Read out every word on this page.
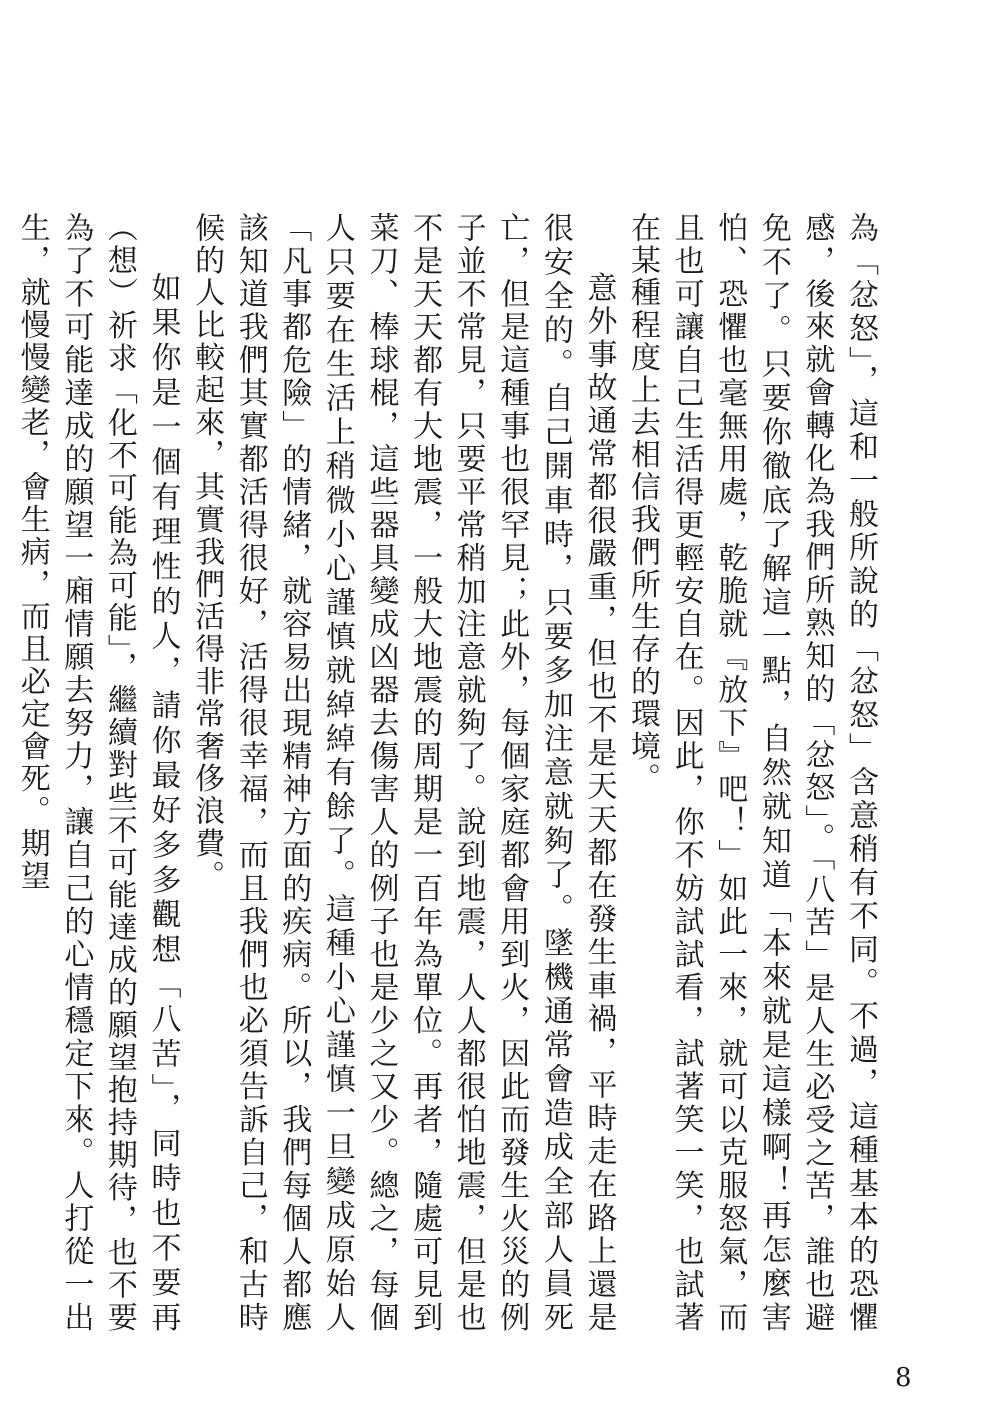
為「忿怒」，這和一般所說的「忿怒」含意稍有不同。不過，這種基本的恐懼感，後來就會轉化為我們所熟知的「忿怒」。「八苦」是人生必受之苦，誰也避免不了。只要你徹底了解這一點，自然就知道「本來就是這樣啊！再怎麼害怕、恐懼也毫無用處，乾脆就『放下』吧！」如此一來，就可以克服怒氣，而且也可讓自己生活得更輕安自在。因此，你不妨試試看，試著笑一笑，也試著在某種程度上去相信我們所生存的環境。

意外事故通常都很嚴重，但也不是天天都在發生車禍，平時走在路上還是很安全的。自己開車時，只要多加注意就夠了。墜機通常會造成全部人員死亡，但是這種事也很罕見；此外，每個家庭都會用到火，因此而發生火災的例子並不常見，只要平常稍加注意就夠了。說到地震，人人都很怕地震，但是也不是天天都有大地震，一般大地震的周期是一百年為單位。再者，隨處可見到菜刀、棒球棍，這些器具變成凶器去傷害人的例子也是少之又少。總之，每個人只要在生活上稍微小心謹慎就綽綽有餘了。這種小心謹慎一旦變成原始人「凡事都危險」的情緒，就容易出現精神方面的疾病。所以，我們每個人都應該知道我們其實都活得很好，活得很幸福，而且我們也必須告訴自己，和古時候的人比較起來，其實我們活得非常奢侈浪費。

如果你是一個有理性的人，請你最好多多觀想「八苦」，同時也不要再（想）祈求「化不可能為可能」，繼續對些不可能達成的願望抱持期待，也不要為了不可能達成的願望一廂情願去努力，讓自己的心情穩定下來。人打從一出生，就慢慢變老，會生病，而且必定會死。期望

8
